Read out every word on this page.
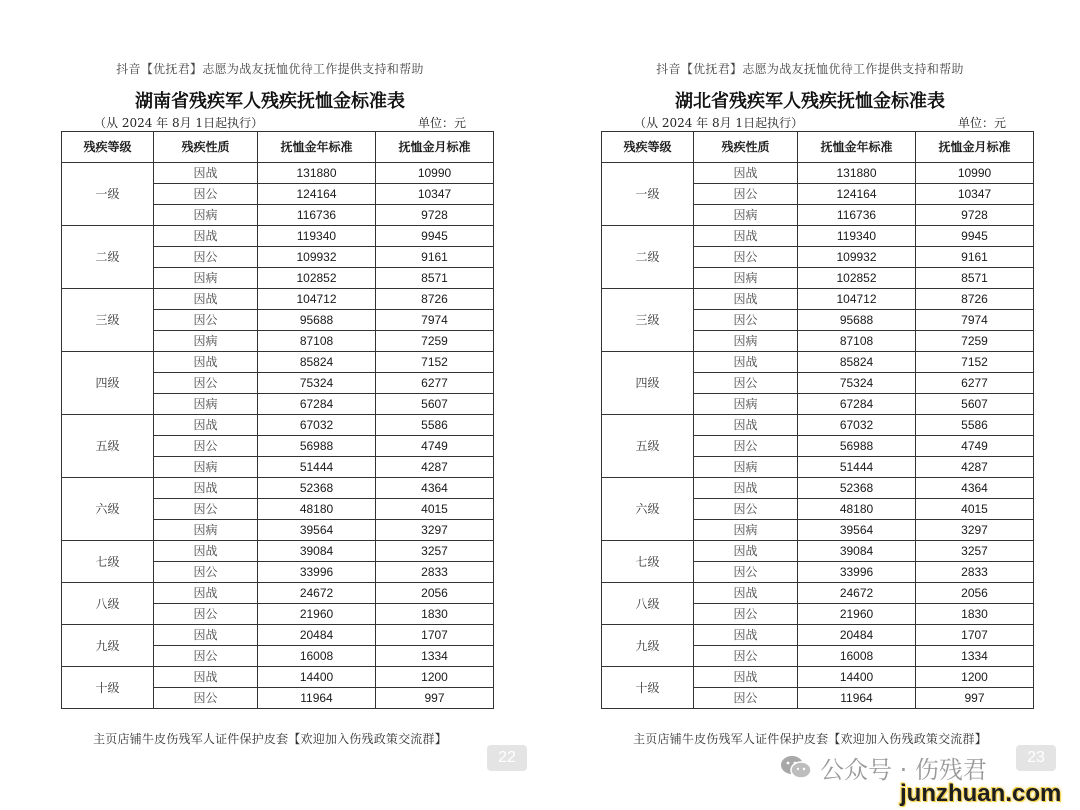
抖音【优抚君】志愿为战友抚恤优待工作提供支持和帮助
湖南省残疾军人残疾抚恤金标准表
（从 2024 年 8月 1日起执行）	单位：元
残疾等级	残疾性质	抚恤金年标准	抚恤金月标准
一级	因战	131880	10990
	因公	124164	10347
	因病	116736	9728
二级	因战	119340	9945
	因公	109932	9161
	因病	102852	8571
三级	因战	104712	8726
	因公	95688	7974
	因病	87108	7259
四级	因战	85824	7152
	因公	75324	6277
	因病	67284	5607
五级	因战	67032	5586
	因公	56988	4749
	因病	51444	4287
六级	因战	52368	4364
	因公	48180	4015
	因病	39564	3297
七级	因战	39084	3257
	因公	33996	2833
八级	因战	24672	2056
	因公	21960	1830
九级	因战	20484	1707
	因公	16008	1334
十级	因战	14400	1200
	因公	11964	997
主页店铺牛皮伤残军人证件保护皮套【欢迎加入伤残政策交流群】
22
抖音【优抚君】志愿为战友抚恤优待工作提供支持和帮助
湖北省残疾军人残疾抚恤金标准表
（从 2024 年 8月 1日起执行）	单位：元
残疾等级	残疾性质	抚恤金年标准	抚恤金月标准
一级	因战	131880	10990
	因公	124164	10347
	因病	116736	9728
二级	因战	119340	9945
	因公	109932	9161
	因病	102852	8571
三级	因战	104712	8726
	因公	95688	7974
	因病	87108	7259
四级	因战	85824	7152
	因公	75324	6277
	因病	67284	5607
五级	因战	67032	5586
	因公	56988	4749
	因病	51444	4287
六级	因战	52368	4364
	因公	48180	4015
	因病	39564	3297
七级	因战	39084	3257
	因公	33996	2833
八级	因战	24672	2056
	因公	21960	1830
九级	因战	20484	1707
	因公	16008	1334
十级	因战	14400	1200
	因公	11964	997
主页店铺牛皮伤残军人证件保护皮套【欢迎加入伤残政策交流群】
23
公众号 · 伤残君
junzhuan.com
